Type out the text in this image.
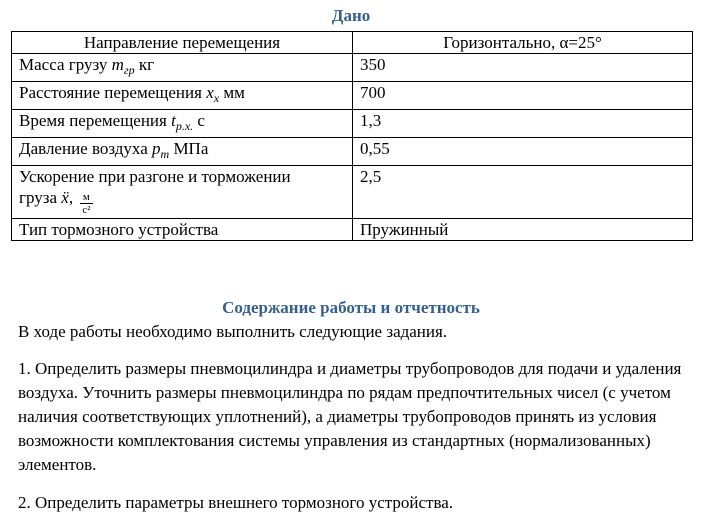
Дано
Направление перемещения	Горизонтально, α=25°
Масса грузу $m_{гр}$ кг	350
Расстояние перемещения $x_x$ мм	700
Время перемещения $t_{p.x.}$ с	1,3
Давление воздуха $p_m$ МПа	0,55

Ускорение при разгоне и торможении
груза ẍ, $\frac{м}{\text{с²}}$	2,5
Тип тормозного устройства	Пружинный
Содержание работы и отчетность

В ходе работы необходимо выполнить следующие задания.

1. Определить размеры пневмоцилиндра и диаметры трубопроводов для подачи и удаления воздуха. Уточнить размеры пневмоцилиндра по рядам предпочтительных чисел (с учетом наличия соответствующих уплотнений), а диаметры трубопроводов принять из условия возможности комплектования системы управления из стандартных (нормализованных) элементов.

2. Определить параметры внешнего тормозного устройства.
